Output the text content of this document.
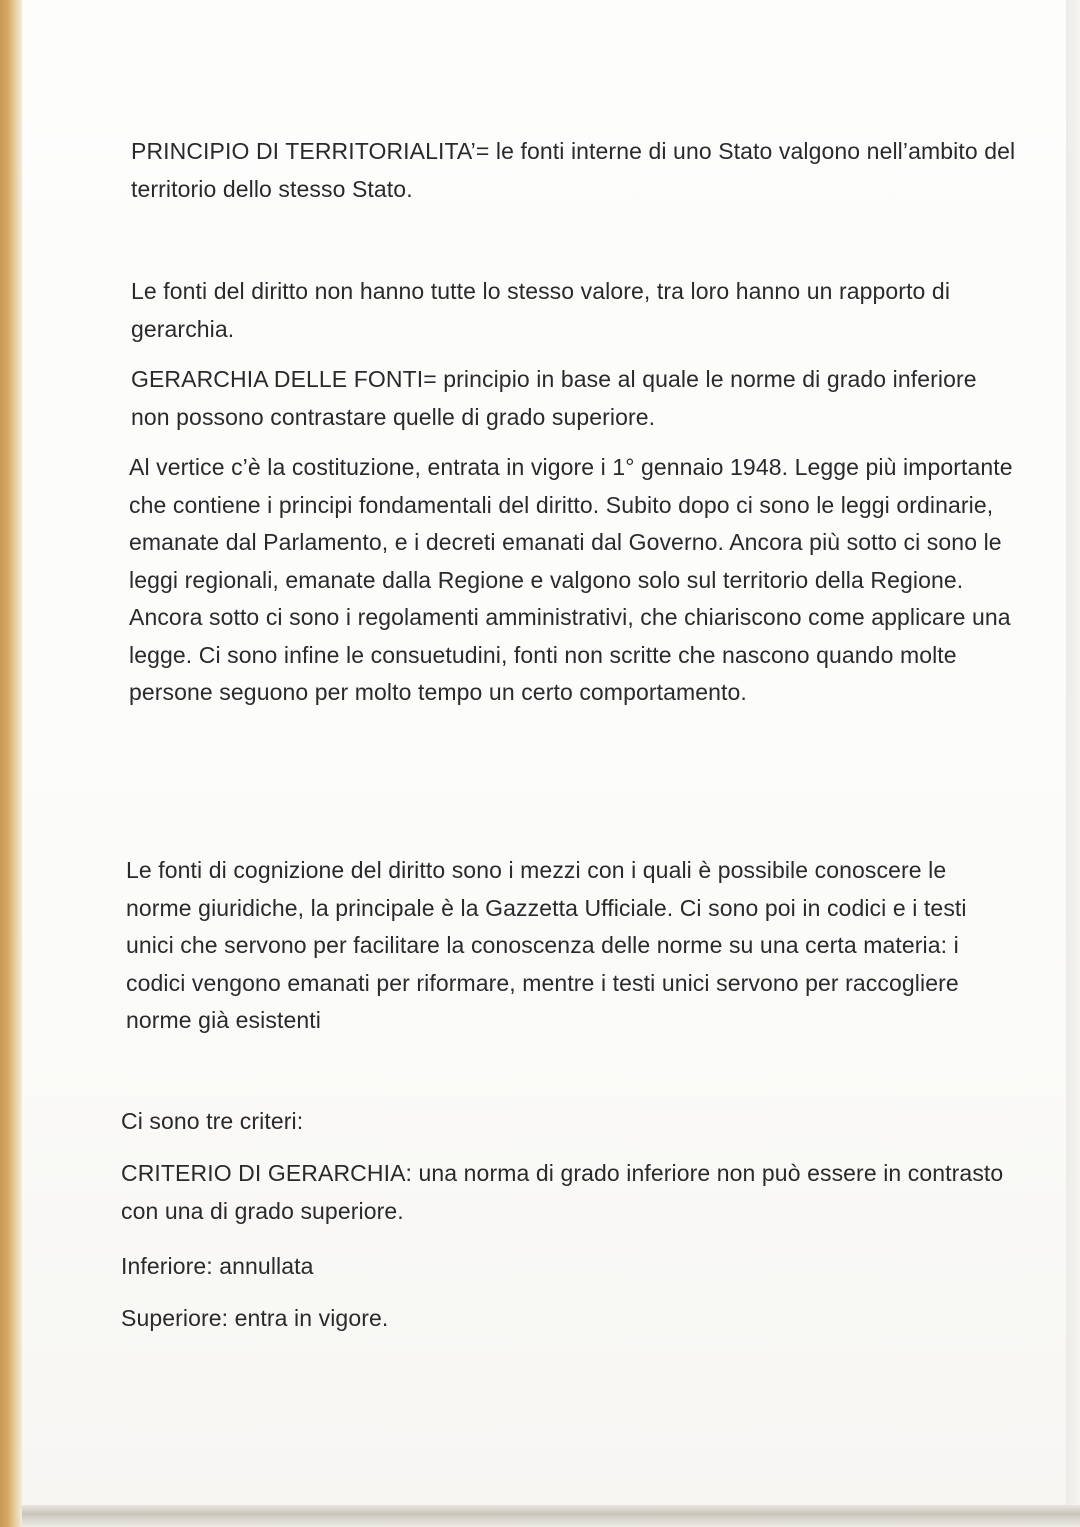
PRINCIPIO DI TERRITORIALITA’= le fonti interne di uno Stato valgono nell’ambito del territorio dello stesso Stato.

Le fonti del diritto non hanno tutte lo stesso valore, tra loro hanno un rapporto di gerarchia.

GERARCHIA DELLE FONTI= principio in base al quale le norme di grado inferiore non possono contrastare quelle di grado superiore.

Al vertice c’è la costituzione, entrata in vigore i 1° gennaio 1948. Legge più importante che contiene i principi fondamentali del diritto. Subito dopo ci sono le leggi ordinarie, emanate dal Parlamento, e i decreti emanati dal Governo. Ancora più sotto ci sono le leggi regionali, emanate dalla Regione e valgono solo sul territorio della Regione. Ancora sotto ci sono i regolamenti amministrativi, che chiariscono come applicare una legge. Ci sono infine le consuetudini, fonti non scritte che nascono quando molte persone seguono per molto tempo un certo comportamento.

Le fonti di cognizione del diritto sono i mezzi con i quali è possibile conoscere le norme giuridiche, la principale è la Gazzetta Ufficiale. Ci sono poi in codici e i testi unici che servono per facilitare la conoscenza delle norme su una certa materia: i codici vengono emanati per riformare, mentre i testi unici servono per raccogliere norme già esistenti

Ci sono tre criteri:

CRITERIO DI GERARCHIA: una norma di grado inferiore non può essere in contrasto con una di grado superiore.

Inferiore: annullata

Superiore: entra in vigore.
